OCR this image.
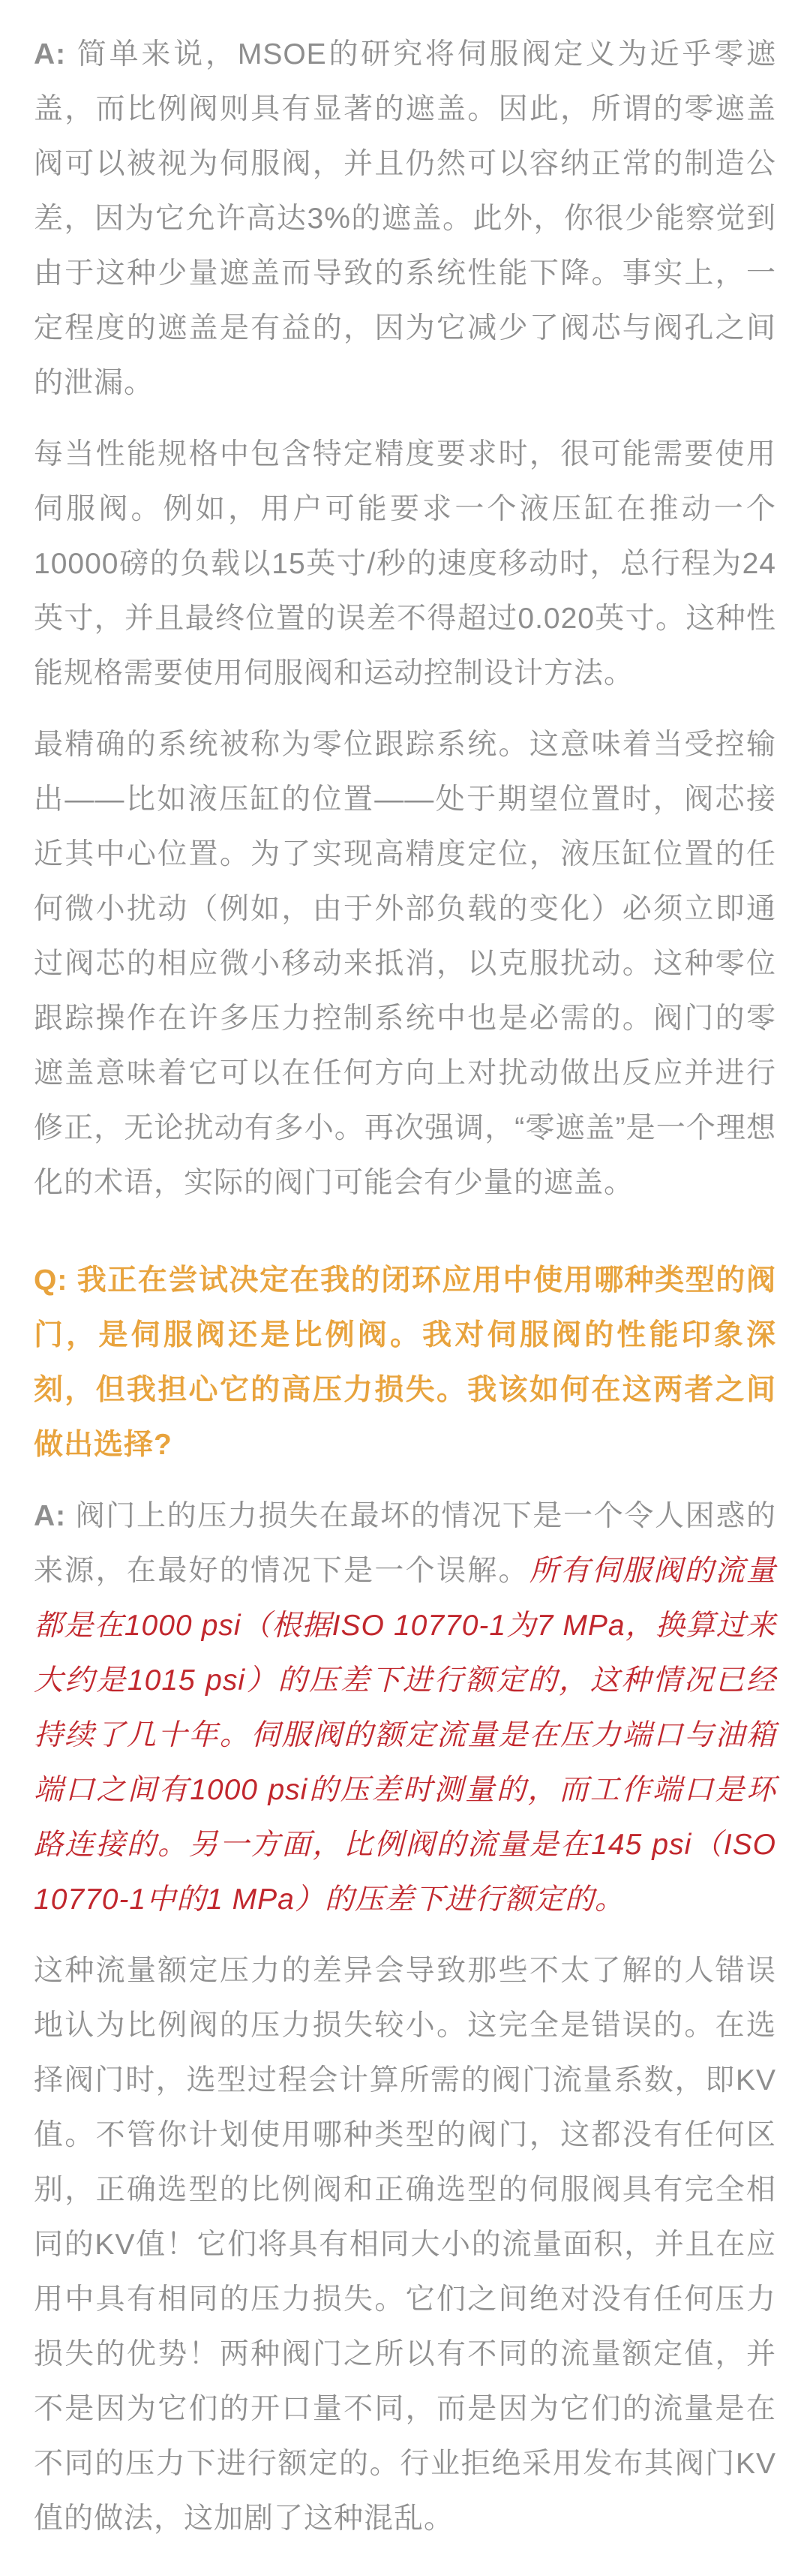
A: 简单来说，MSOE的研究将伺服阀定义为近乎零遮盖，而比例阀则具有显著的遮盖。因此，所谓的零遮盖阀可以被视为伺服阀，并且仍然可以容纳正常的制造公差，因为它允许高达3%的遮盖。此外，你很少能察觉到由于这种少量遮盖而导致的系统性能下降。事实上，一定程度的遮盖是有益的，因为它减少了阀芯与阀孔之间的泄漏。

每当性能规格中包含特定精度要求时，很可能需要使用伺服阀。例如，用户可能要求一个液压缸在推动一个10000磅的负载以15英寸/秒的速度移动时，总行程为24英寸，并且最终位置的误差不得超过0.020英寸。这种性能规格需要使用伺服阀和运动控制设计方法。

最精确的系统被称为零位跟踪系统。这意味着当受控输出——比如液压缸的位置——处于期望位置时，阀芯接近其中心位置。为了实现高精度定位，液压缸位置的任何微小扰动（例如，由于外部负载的变化）必须立即通过阀芯的相应微小移动来抵消，以克服扰动。这种零位跟踪操作在许多压力控制系统中也是必需的。阀门的零遮盖意味着它可以在任何方向上对扰动做出反应并进行修正，无论扰动有多小。再次强调，“零遮盖”是一个理想化的术语，实际的阀门可能会有少量的遮盖。

Q: 我正在尝试决定在我的闭环应用中使用哪种类型的阀门，是伺服阀还是比例阀。我对伺服阀的性能印象深刻，但我担心它的高压力损失。我该如何在这两者之间做出选择?

A: 阀门上的压力损失在最坏的情况下是一个令人困惑的来源，在最好的情况下是一个误解。所有伺服阀的流量都是在1000 psi（根据ISO 10770-1为7 MPa，换算过来大约是1015 psi）的压差下进行额定的，这种情况已经持续了几十年。伺服阀的额定流量是在压力端口与油箱端口之间有1000 psi的压差时测量的，而工作端口是环路连接的。另一方面，比例阀的流量是在145 psi（ISO 10770-1中的1 MPa）的压差下进行额定的。

这种流量额定压力的差异会导致那些不太了解的人错误地认为比例阀的压力损失较小。这完全是错误的。在选择阀门时，选型过程会计算所需的阀门流量系数，即KV值。不管你计划使用哪种类型的阀门，这都没有任何区别，正确选型的比例阀和正确选型的伺服阀具有完全相同的KV值！它们将具有相同大小的流量面积，并且在应用中具有相同的压力损失。它们之间绝对没有任何压力损失的优势！两种阀门之所以有不同的流量额定值，并不是因为它们的开口量不同，而是因为它们的流量是在不同的压力下进行额定的。行业拒绝采用发布其阀门KV值的做法，这加剧了这种混乱。
